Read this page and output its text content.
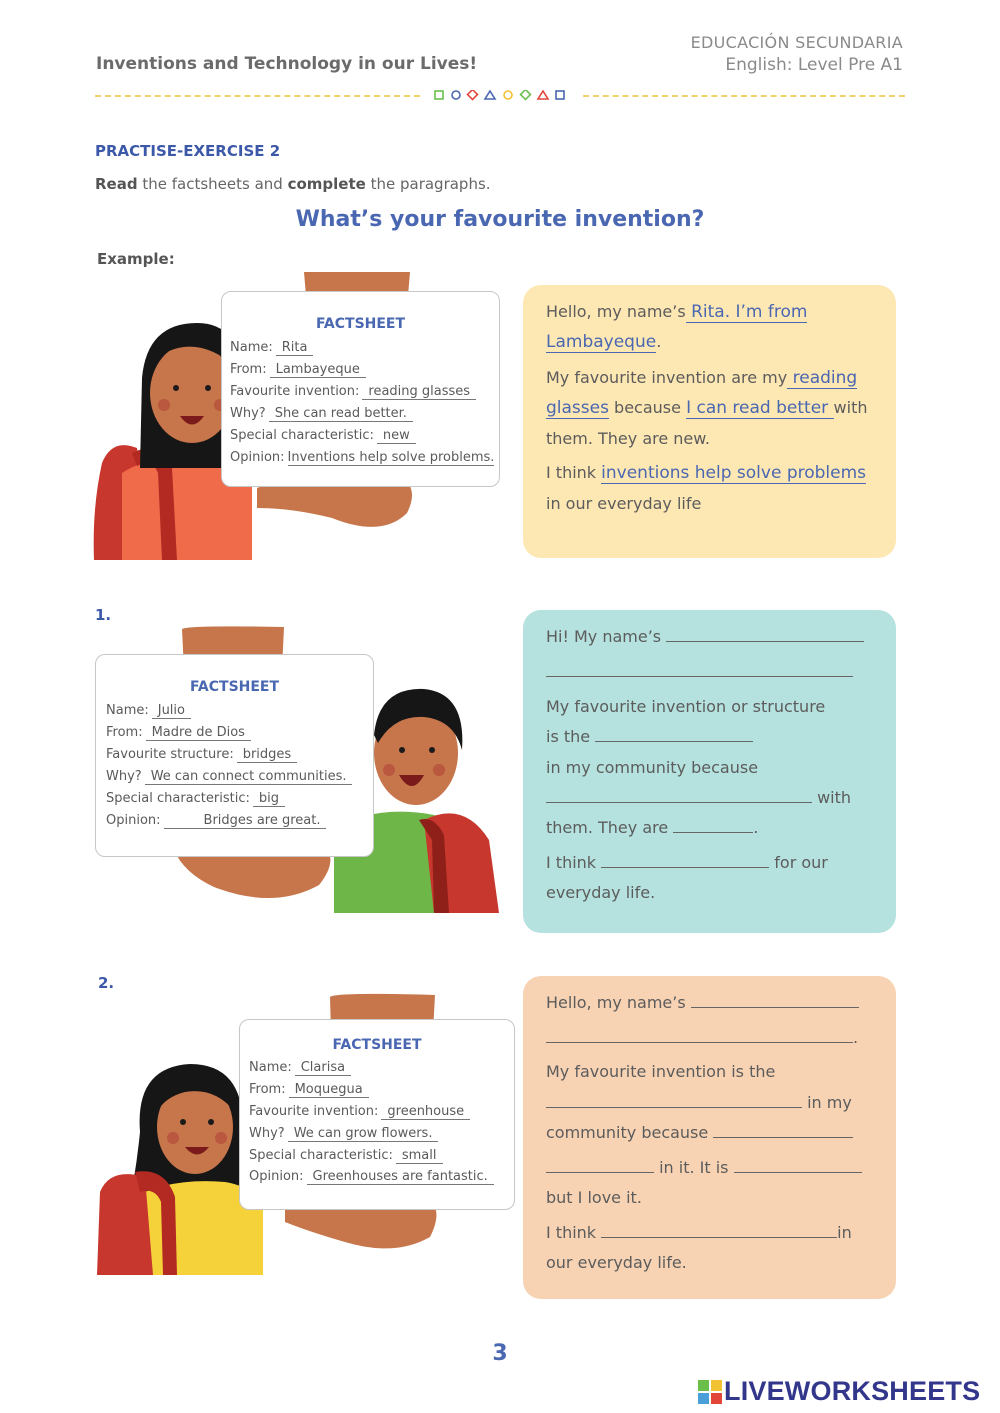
Inventions and Technology in our Lives!
EDUCACIÓN SECUNDARIA
English: Level Pre A1
PRACTISE-EXERCISE 2
Read the factsheets and complete the paragraphs.
What’s your favourite invention?
Example:
FACTSHEET
Name: Rita
From: Lambayeque
Favourite invention: reading glasses
Why? She can read better.
Special characteristic: new
Opinion: Inventions help solve problems.
Hello, my name’s Rita. I’m from
Lambayeque.
My favourite invention are my reading
glasses because I can read better with
them. They are new.
I think inventions help solve problems
in our everyday life
1.
FACTSHEET
Name: Julio
From: Madre de Dios
Favourite structure: bridges
Why? We can connect communities.
Special characteristic: big
Opinion:	Bridges are great.
Hi! My name’s
My favourite invention or structure
is the
in my community because
with
them. They are	.
I think	for our
everyday life.
2.
FACTSHEET
Name: Clarisa
From: Moquegua
Favourite invention: greenhouse
Why? We can grow flowers.
Special characteristic: small
Opinion: Greenhouses are fantastic.
Hello, my name’s
.
My favourite invention is the
in my
community because
in it. It is
but I love it.
I think	in
our everyday life.
3
LIVEWORKSHEETS
